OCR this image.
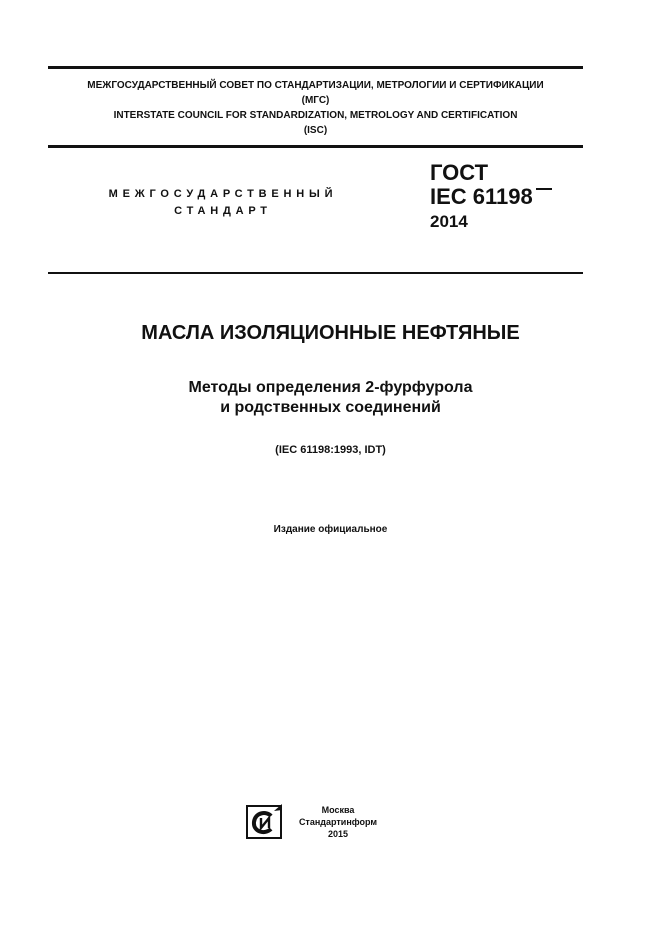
МЕЖГОСУДАРСТВЕННЫЙ СОВЕТ ПО СТАНДАРТИЗАЦИИ, МЕТРОЛОГИИ И СЕРТИФИКАЦИИ
(МГС)
INTERSTATE COUNCIL FOR STANDARDIZATION, METROLOGY AND CERTIFICATION
(ISC)
МЕЖГОСУДАРСТВЕННЫЙ
СТАНДАРТ
ГОСТ
IEC 61198
2014
МАСЛА ИЗОЛЯЦИОННЫЕ НЕФТЯНЫЕ
Методы определения 2-фурфурола
и родственных соединений
(IEC 61198:1993, IDT)
Издание официальное
Москва
Стандартинформ
2015
